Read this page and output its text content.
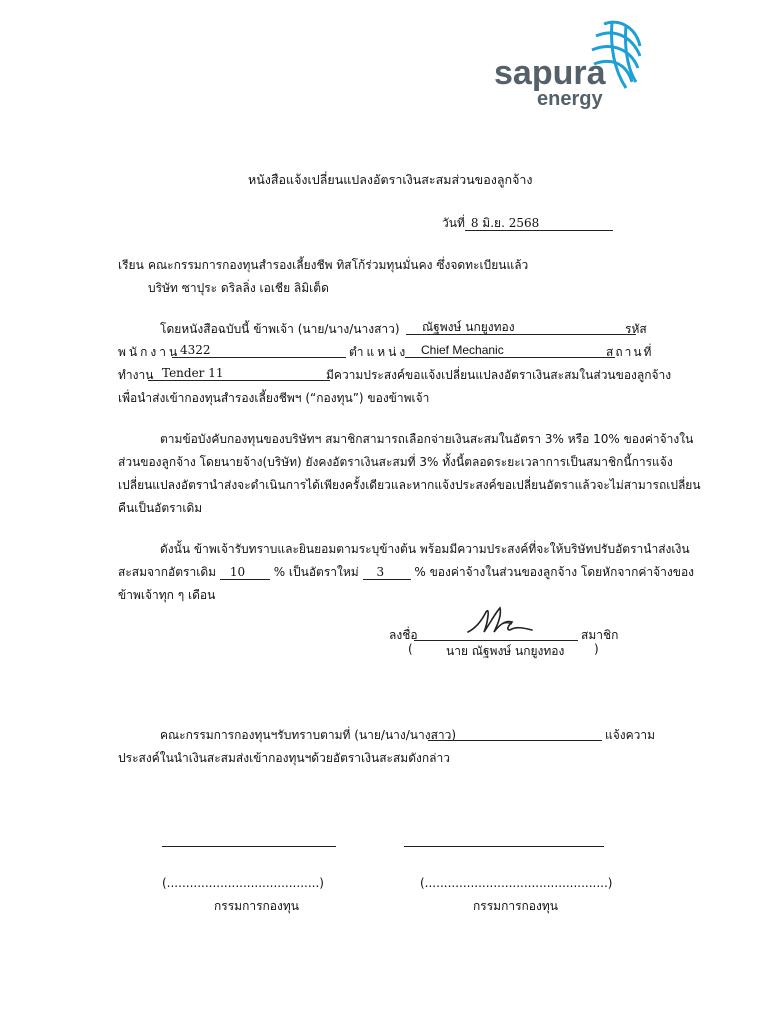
sapura
energy
หนังสือแจ้งเปลี่ยนแปลงอัตราเงินสะสมส่วนของลูกจ้าง
วันที่ 8 มิ.ย. 2568
เรียน คณะกรรมการกองทุนสำรองเลี้ยงชีพ ทิสโก้ร่วมทุนมั่นคง ซึ่งจดทะเบียนแล้ว
บริษัท ซาปุระ ดริลลิ่ง เอเชีย ลิมิเต็ด
โดยหนังสือฉบับนี้ ข้าพเจ้า (นาย/นาง/นางสาว)	ณัฐพงษ์ นกยูงทอง	รหัส
พนักงาน 4322	ตำแหน่ง	Chief Mechanic	สถานที่
ทำงาน Tender 11	มีความประสงค์ขอแจ้งเปลี่ยนแปลงอัตราเงินสะสมในส่วนของลูกจ้าง
เพื่อนำส่งเข้ากองทุนสำรองเลี้ยงชีพฯ (“กองทุน”) ของข้าพเจ้า
ตามข้อบังคับกองทุนของบริษัทฯ สมาชิกสามารถเลือกจ่ายเงินสะสมในอัตรา 3% หรือ 10% ของค่าจ้างใน
ส่วนของลูกจ้าง โดยนายจ้าง(บริษัท) ยังคงอัตราเงินสะสมที่ 3% ทั้งนี้ตลอดระยะเวลาการเป็นสมาชิกนี้การแจ้ง
เปลี่ยนแปลงอัตรานำส่งจะดำเนินการได้เพียงครั้งเดียวและหากแจ้งประสงค์ขอเปลี่ยนอัตราแล้วจะไม่สามารถเปลี่ยน
คืนเป็นอัตราเดิม
ดังนั้น ข้าพเจ้ารับทราบและยินยอมตามระบุข้างต้น พร้อมมีความประสงค์ที่จะให้บริษัทปรับอัตรานำส่งเงิน
สะสมจากอัตราเดิม 10 % เป็นอัตราใหม่ 3	% ของค่าจ้างในส่วนของลูกจ้าง โดยหักจากค่าจ้างของ
ข้าพเจ้าทุก ๆ เดือน
ลงชื่อ	สมาชิก
(	นาย ณัฐพงษ์ นกยูงทอง )
คณะกรรมการกองทุนฯรับทราบตามที่ (นาย/นาง/นางสาว)	แจ้งความ
ประสงค์ในนำเงินสะสมส่งเข้ากองทุนฯด้วยอัตราเงินสะสมดังกล่าว
(........................................)	(................................................)
กรรมการกองทุน	กรรมการกองทุน
